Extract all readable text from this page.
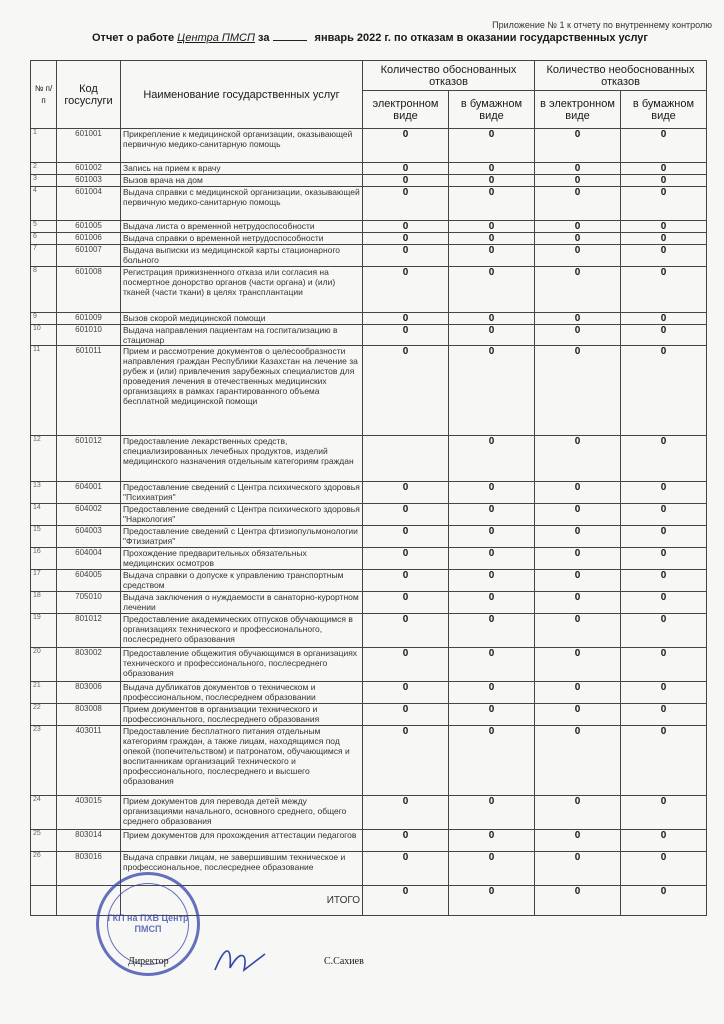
Приложение № 1 к отчету по внутреннему контролю
Отчет о работе Центра ПМСП за	январь 2022 г. по отказам в оказании государственных услуг
№ п/п	Код госуслуги	Наименование государственных услуг	Количество обоснованных отказов		Количество необоснованных отказов	
			электронном виде	в бумажном виде	в электронном виде	в бумажном виде
1	601001	Прикрепление к медицинской организации, оказывающей первичную медико-санитарную помощь	0	0	0	0
2	601002	Запись на прием к врачу	0	0	0	0
3	601003	Вызов врача на дом	0	0	0	0
4	601004	Выдача справки с медицинской организации, оказывающей первичную медико-санитарную помощь	0	0	0	0
5	601005	Выдача листа о временной нетрудоспособности	0	0	0	0
6	601006	Выдача справки о временной нетрудоспособности	0	0	0	0
7	601007	Выдача выписки из медицинской карты стационарного больного	0	0	0	0
8	601008	Регистрация прижизненного отказа или согласия на посмертное донорство органов (части органа) и (или) тканей (части ткани) в целях трансплантации	0	0	0	0
9	601009	Вызов скорой медицинской помощи	0	0	0	0
10	601010	Выдача направления пациентам на госпитализацию в стационар	0	0	0	0
11	601011	Прием и рассмотрение документов о целесообразности направления граждан Республики Казахстан на лечение за рубеж и (или) привлечения зарубежных специалистов для проведения лечения в отечественных медицинских организациях в рамках гарантированного объема бесплатной медицинской помощи	0	0	0	0
12	601012	Предоставление лекарственных средств, специализированных лечебных продуктов, изделий медицинского назначения отдельным категориям граждан		0	0	0
13	604001	Предоставление сведений с Центра психического здоровья "Психиатрия"	0	0	0	0
14	604002	Предоставление сведений с Центра психического здоровья "Наркология"	0	0	0	0
15	604003	Предоставление сведений с Центра фтизиопульмонологии "Фтизиатрия"	0	0	0	0
16	604004	Прохождение предварительных обязательных медицинских осмотров	0	0	0	0
17	604005	Выдача справки о допуске к управлению транспортным средством	0	0	0	0
18	705010	Выдача заключения о нуждаемости в санаторно-курортном лечении	0	0	0	0
19	801012	Предоставление академических отпусков обучающимся в организациях технического и профессионального, послесреднего образования	0	0	0	0
20	803002	Предоставление общежития обучающимся в организациях технического и профессионального, послесреднего образования	0	0	0	0
21	803006	Выдача дубликатов документов о техническом и профессиональном, послесреднем образовании	0	0	0	0
22	803008	Прием документов в организации технического и профессионального, послесреднего образования	0	0	0	0
23	403011	Предоставление бесплатного питания отдельным категориям граждан, а также лицам, находящимся под опекой (попечительством) и патронатом, обучающимся и воспитанникам организаций технического и профессионального, послесреднего и высшего образования	0	0	0	0
24	403015	Прием документов для перевода детей между организациями начального, основного среднего, общего среднего образования	0	0	0	0
25	803014	Прием документов для прохождения аттестации педагогов	0	0	0	0
26	803016	Выдача справки лицам, не завершившим техническое и профессиональное, послесреднее образование	0	0	0	0
		ИТОГО	0	0	0	0
ГКП на ПХВ Центр ПМСП
Директор	С.Сахиев
